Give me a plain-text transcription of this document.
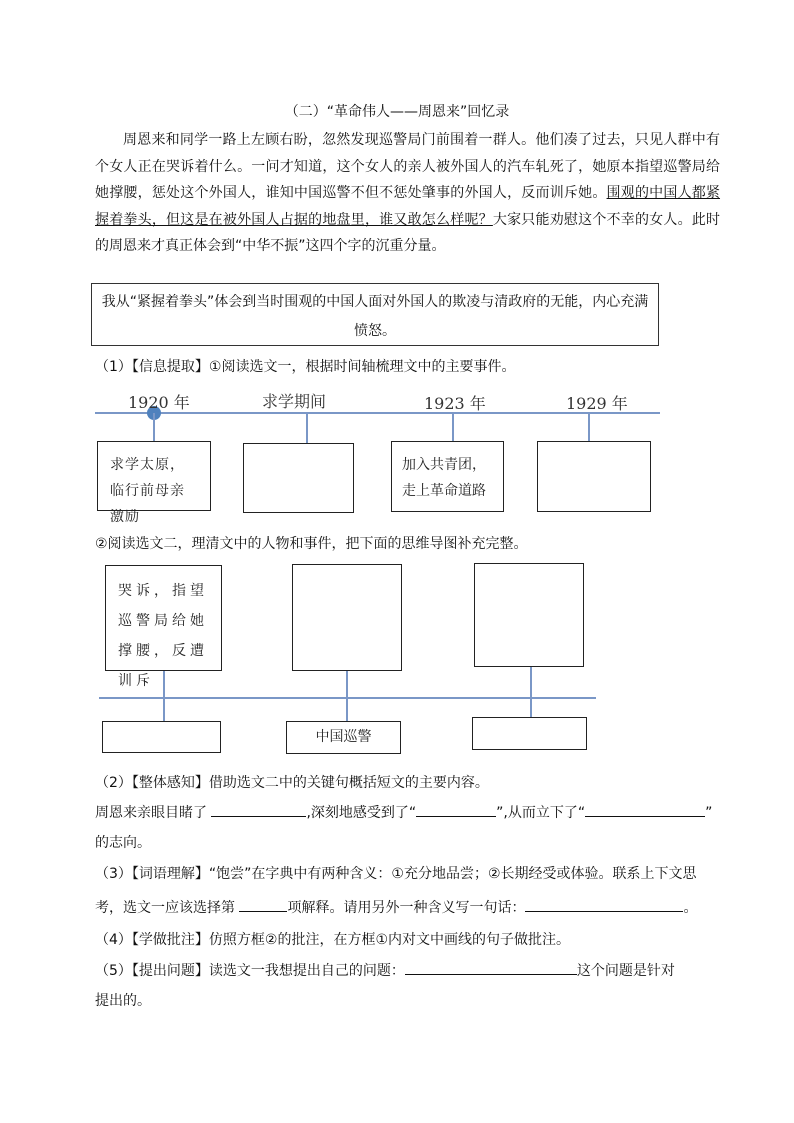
（二）“革命伟人——周恩来”回忆录
周恩来和同学一路上左顾右盼，忽然发现巡警局门前围着一群人。他们凑了过去，只见人群中有个女人正在哭诉着什么。一问才知道，这个女人的亲人被外国人的汽车轧死了，她原本指望巡警局给她撑腰，惩处这个外国人，谁知中国巡警不但不惩处肇事的外国人，反而训斥她。围观的中国人都紧握着拳头，但这是在被外国人占据的地盘里，谁又敢怎么样呢？大家只能劝慰这个不幸的女人。此时的周恩来才真正体会到“中华不振”这四个字的沉重分量。
我从“紧握着拳头”体会到当时围观的中国人面对外国人的欺凌与清政府的无能，内心充满愤怒。
（1）【信息提取】①阅读选文一，根据时间轴梳理文中的主要事件。
1920 年	求学期间	1923 年	1929 年
求学太原，临行前母亲激励
加入共青团，走上革命道路
②阅读选文二，理清文中的人物和事件，把下面的思维导图补充完整。
哭诉，指望巡警局给她撑腰，反遭训斥
中国巡警
（2）【整体感知】借助选文二中的关键句概括短文的主要内容。
周恩来亲眼目睹了	,深刻地感受到了“	”,从而立下了“	”
的志向。
（3）【词语理解】“饱尝”在字典中有两种含义：①充分地品尝；②长期经受或体验。联系上下文思
考，选文一应该选择第	项解释。请用另外一种含义写一句话：	。
（4）【学做批注】仿照方框②的批注，在方框①内对文中画线的句子做批注。
（5）【提出问题】读选文一我想提出自己的问题：	这个问题是针对
提出的。
